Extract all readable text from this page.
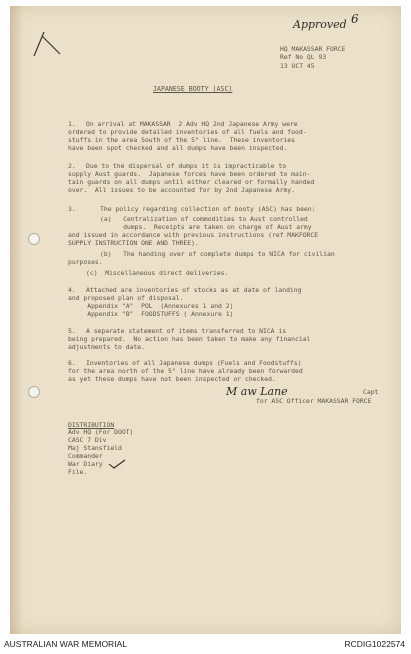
Approved 6
HQ MAKASSAR FORCE
Ref No QL 93
13 OCT 45
JAPANESE BOOTY (ASC)
1. On arrival at MAKASSAR  2 Adv HQ 2nd Japanese Army were
ordered to provide detailed inventories of all fuels and food-
stuffs in the area South of the 5° line.  These inventories
have been spot checked and all dumps have been inspected.
2. Due to the dispersal of dumps it is impracticable to
supply Aust guards.  Japanese forces have been ordered to main-
tain guards on all dumps until either cleared or formally handed
over.  All issues to be accounted for by 2nd Japanese Army.
3.	The policy regarding collection of booty (ASC) has been:
(a)   Centralization of commodities to Aust controlled
dumps.  Receipts are taken on charge of Aust army
and issued in accordance with previous instructions (ref MAKFORCE
SUPPLY INSTRUCTION ONE AND THREE).
(b)   The handing over of complete dumps to NICA for civilian
purposes.
(c)  Miscellaneous direct deliveries.
4. Attached are inventories of stocks as at date of landing
and proposed plan of disposal.
Appendix "A"  POL  (Annexures 1 and 2)
Appendix "B"  FOODSTUFFS ( Annexure 1)
5. A separate statement of items transferred to NICA is
being prepared.  No action has been taken to make any financial
adjustments to date.
6. Inventories of all Japanese dumps (Fuels and Foodstuffs)
for the area north of the 5° line have already been forwarded
as yet these dumps have not been inspected or checked.
M aw Lane	Capt
for ASC Officer MAKASSAR FORCE
DISTRIBUTION
Adv HQ (For DOOT)
CASC 7 Div
Maj Stansfield
Commander
War Diary
File.
AUSTRALIAN WAR MEMORIAL	RCDIG1022574
